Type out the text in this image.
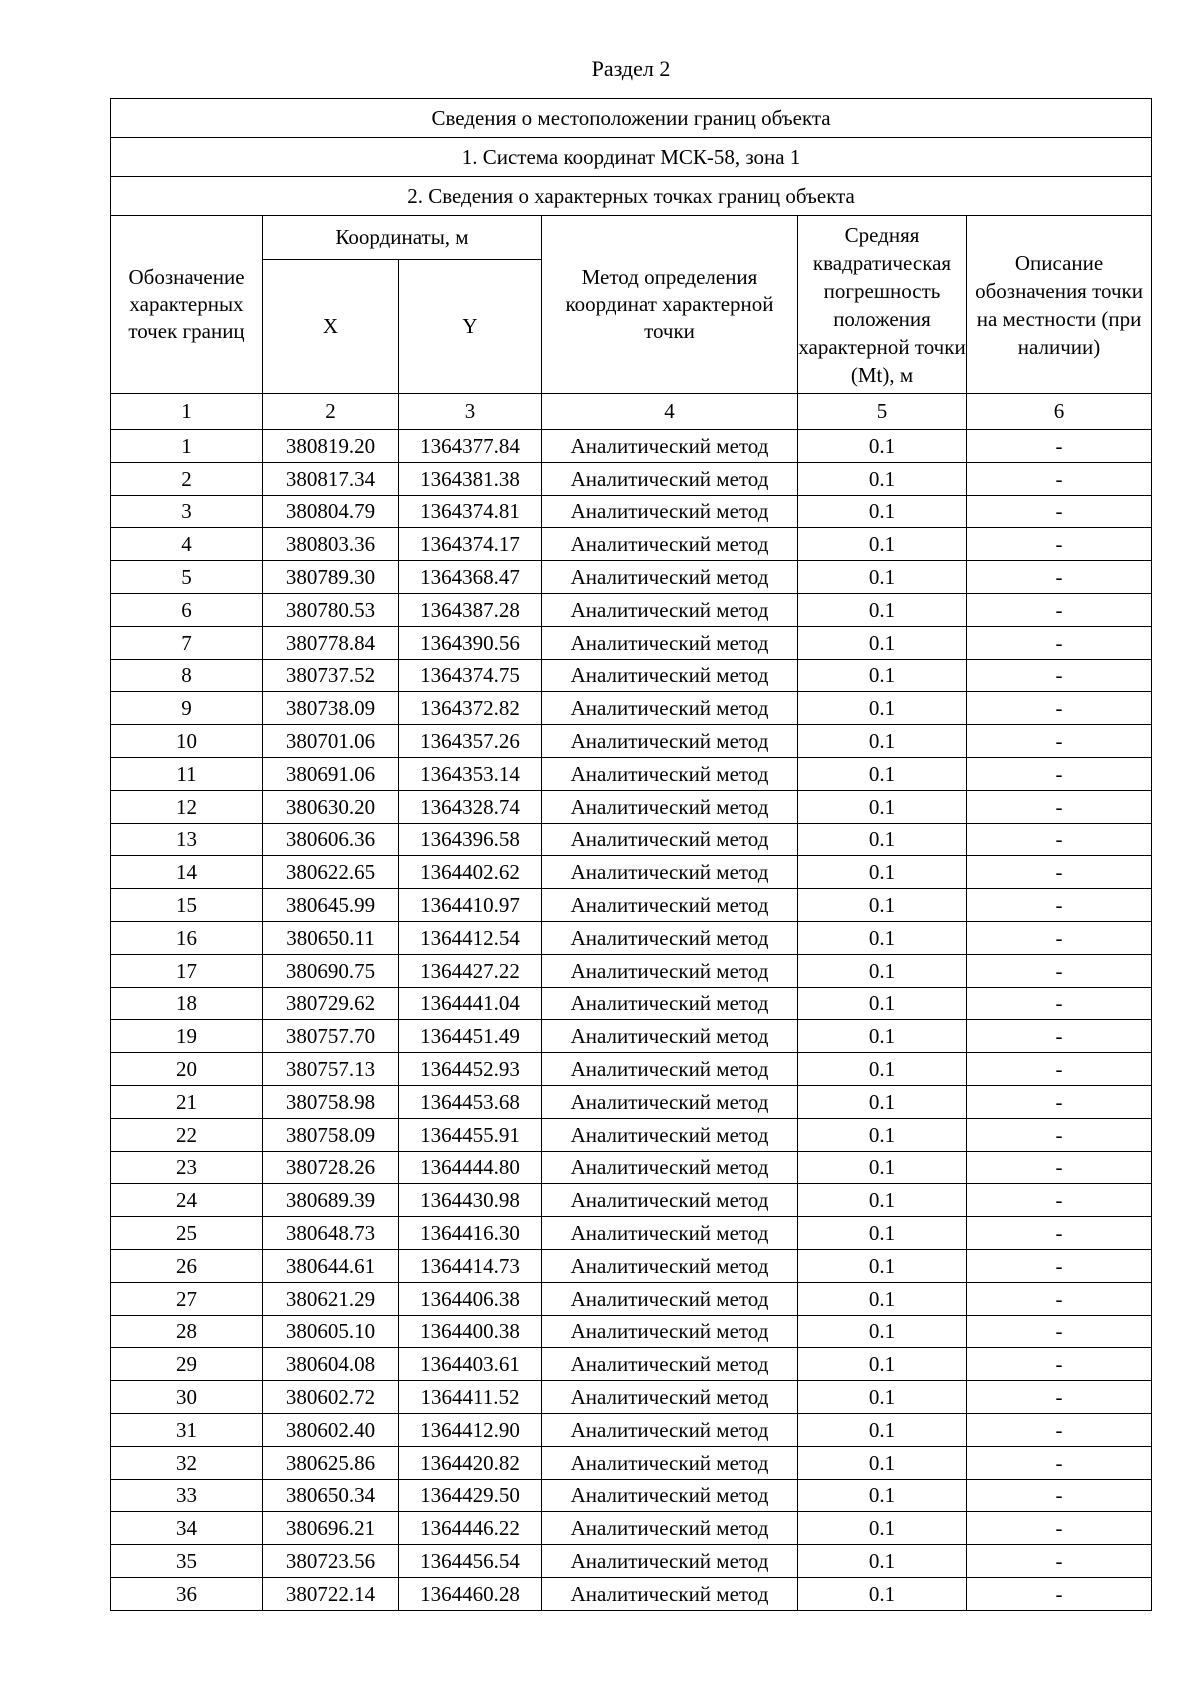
Раздел 2
Сведения о местоположении границ объекта					
1. Система координат МСК-58, зона 1					
2. Сведения о характерных точках границ объекта					
Обозначение характерных точек границ	Координаты, м		Метод определения координат характерной точки	Средняя квадратическая погрешность положения характерной точки (Mt), м	Описание обозначения точки на местности (при наличии)
	X	Y			
1	2	3	4	5	6
1	380819.20	1364377.84	Аналитический метод	0.1	-
2	380817.34	1364381.38	Аналитический метод	0.1	-
3	380804.79	1364374.81	Аналитический метод	0.1	-
4	380803.36	1364374.17	Аналитический метод	0.1	-
5	380789.30	1364368.47	Аналитический метод	0.1	-
6	380780.53	1364387.28	Аналитический метод	0.1	-
7	380778.84	1364390.56	Аналитический метод	0.1	-
8	380737.52	1364374.75	Аналитический метод	0.1	-
9	380738.09	1364372.82	Аналитический метод	0.1	-
10	380701.06	1364357.26	Аналитический метод	0.1	-
11	380691.06	1364353.14	Аналитический метод	0.1	-
12	380630.20	1364328.74	Аналитический метод	0.1	-
13	380606.36	1364396.58	Аналитический метод	0.1	-
14	380622.65	1364402.62	Аналитический метод	0.1	-
15	380645.99	1364410.97	Аналитический метод	0.1	-
16	380650.11	1364412.54	Аналитический метод	0.1	-
17	380690.75	1364427.22	Аналитический метод	0.1	-
18	380729.62	1364441.04	Аналитический метод	0.1	-
19	380757.70	1364451.49	Аналитический метод	0.1	-
20	380757.13	1364452.93	Аналитический метод	0.1	-
21	380758.98	1364453.68	Аналитический метод	0.1	-
22	380758.09	1364455.91	Аналитический метод	0.1	-
23	380728.26	1364444.80	Аналитический метод	0.1	-
24	380689.39	1364430.98	Аналитический метод	0.1	-
25	380648.73	1364416.30	Аналитический метод	0.1	-
26	380644.61	1364414.73	Аналитический метод	0.1	-
27	380621.29	1364406.38	Аналитический метод	0.1	-
28	380605.10	1364400.38	Аналитический метод	0.1	-
29	380604.08	1364403.61	Аналитический метод	0.1	-
30	380602.72	1364411.52	Аналитический метод	0.1	-
31	380602.40	1364412.90	Аналитический метод	0.1	-
32	380625.86	1364420.82	Аналитический метод	0.1	-
33	380650.34	1364429.50	Аналитический метод	0.1	-
34	380696.21	1364446.22	Аналитический метод	0.1	-
35	380723.56	1364456.54	Аналитический метод	0.1	-
36	380722.14	1364460.28	Аналитический метод	0.1	-
